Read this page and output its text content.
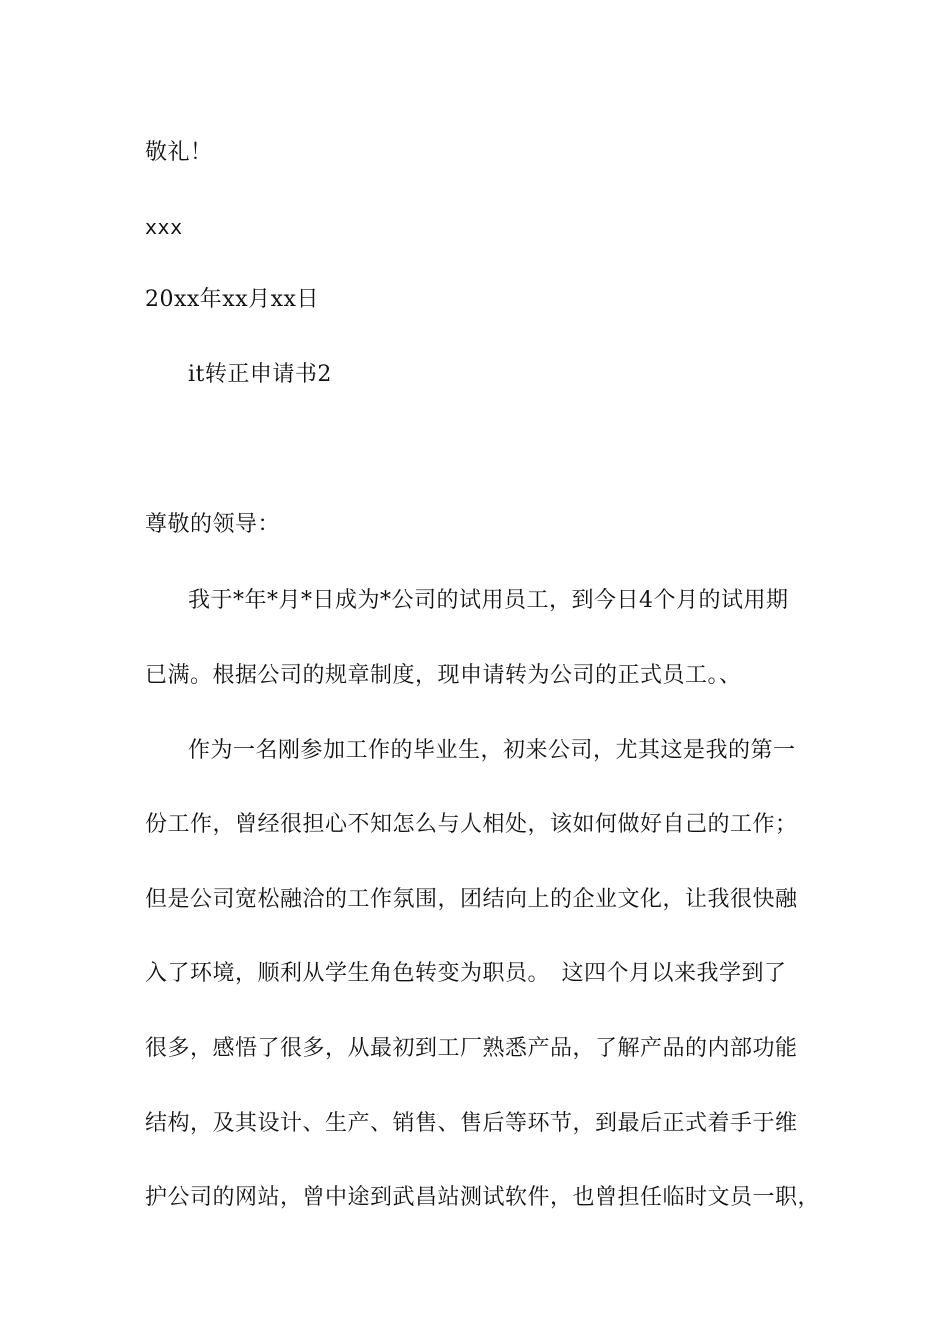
敬礼！
xxx
20xx年xx月xx日
it转正申请书2
尊敬的领导：
我于*年*月*日成为*公司的试用员工，到今日4个月的试用期
已满。根据公司的规章制度，现申请转为公司的正式员工。、
作为一名刚参加工作的毕业生，初来公司，尤其这是我的第一
份工作，曾经很担心不知怎么与人相处，该如何做好自己的工作；
但是公司宽松融洽的工作氛围，团结向上的企业文化，让我很快融
入了环境，顺利从学生角色转变为职员。　这四个月以来我学到了
很多，感悟了很多，从最初到工厂熟悉产品，了解产品的内部功能
结构，及其设计、生产、销售、售后等环节，到最后正式着手于维
护公司的网站，曾中途到武昌站测试软件，也曾担任临时文员一职，
